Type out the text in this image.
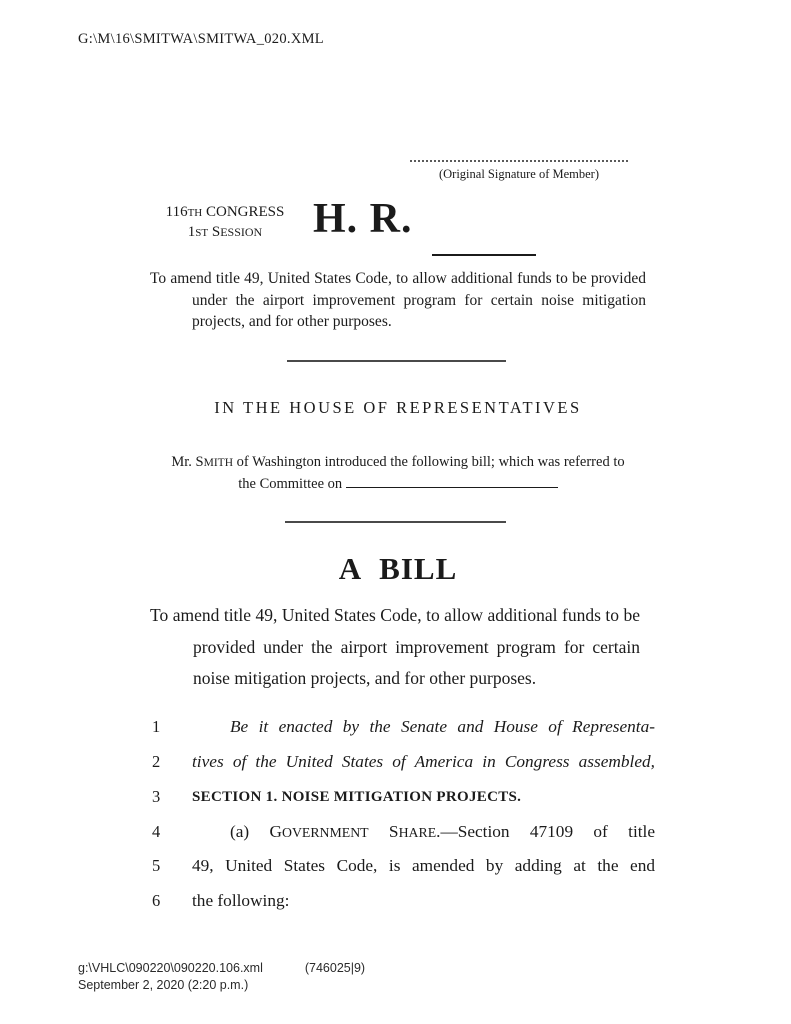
G:\M\16\SMITWA\SMITWA_020.XML
(Original Signature of Member)
116TH CONGRESS
1ST SESSION	H. R.

To amend title 49, United States Code, to allow additional funds to be provided under the airport improvement program for certain noise mitigation projects, and for other purposes.

IN THE HOUSE OF REPRESENTATIVES
Mr. SMITH of Washington introduced the following bill; which was referred to
the Committee on
A BILL

To amend title 49, United States Code, to allow additional funds to be provided under the airport improvement program for certain noise mitigation projects, and for other purposes.

1	Be it enacted by the Senate and House of Representa-
2	tives of the United States of America in Congress assembled,
3	SECTION 1. NOISE MITIGATION PROJECTS.
4	(a) GOVERNMENT SHARE.—Section 47109 of title
5	49, United States Code, is amended by adding at the end
6	the following:
g:\VHLC\090220\090220.106.xml	(746025|9)
September 2, 2020 (2:20 p.m.)
